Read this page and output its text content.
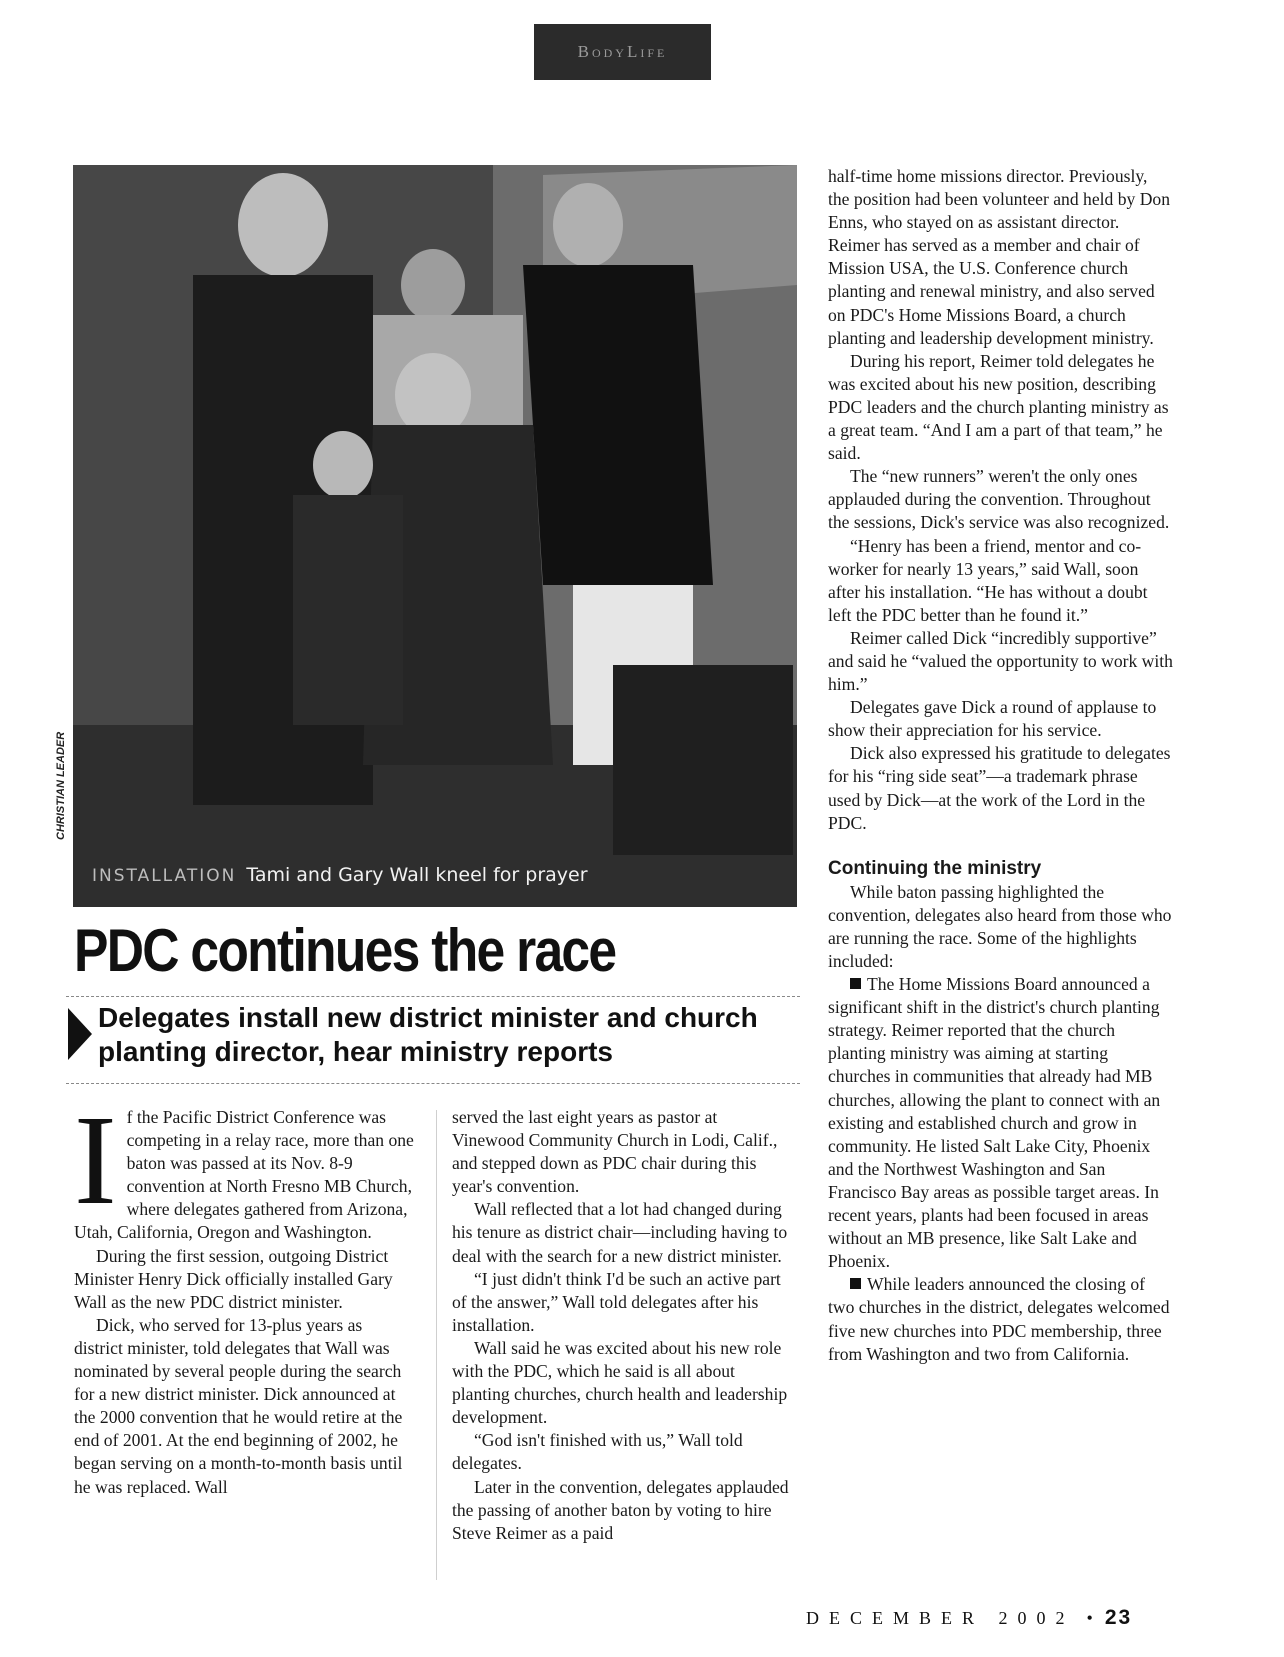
BodyLife
CHRISTIAN LEADER
INSTALLATION Tami and Gary Wall kneel for prayer
PDC continues the race
Delegates install new district minister and church planting director, hear ministry reports

If the Pacific District Conference was competing in a relay race, more than one baton was passed at its Nov. 8-9 convention at North Fresno MB Church, where delegates gathered from Arizona, Utah, California, Oregon and Washington.

During the first session, outgoing District Minister Henry Dick officially installed Gary Wall as the new PDC district minister.

Dick, who served for 13-plus years as district minister, told delegates that Wall was nominated by several people during the search for a new district minister. Dick announced at the 2000 convention that he would retire at the end of 2001. At the end beginning of 2002, he began serving on a month-to-month basis until he was replaced. Wall

served the last eight years as pastor at Vinewood Community Church in Lodi, Calif., and stepped down as PDC chair during this year's convention.

Wall reflected that a lot had changed during his tenure as district chair—including having to deal with the search for a new district minister.

“I just didn't think I'd be such an active part of the answer,” Wall told delegates after his installation.

Wall said he was excited about his new role with the PDC, which he said is all about planting churches, church health and leadership development.

“God isn't finished with us,” Wall told delegates.

Later in the convention, delegates applauded the passing of another baton by voting to hire Steve Reimer as a paid

half-time home missions director. Previously, the position had been volunteer and held by Don Enns, who stayed on as assistant director. Reimer has served as a member and chair of Mission USA, the U.S. Conference church planting and renewal ministry, and also served on PDC's Home Missions Board, a church planting and leadership development ministry.

During his report, Reimer told delegates he was excited about his new position, describing PDC leaders and the church planting ministry as a great team. “And I am a part of that team,” he said.

The “new runners” weren't the only ones applauded during the convention. Throughout the sessions, Dick's service was also recognized.

“Henry has been a friend, mentor and co-worker for nearly 13 years,” said Wall, soon after his installation. “He has without a doubt left the PDC better than he found it.”

Reimer called Dick “incredibly supportive” and said he “valued the opportunity to work with him.”

Delegates gave Dick a round of applause to show their appreciation for his service.

Dick also expressed his gratitude to delegates for his “ring side seat”—a trademark phrase used by Dick—at the work of the Lord in the PDC.

Continuing the ministry

While baton passing highlighted the convention, delegates also heard from those who are running the race. Some of the highlights included:

The Home Missions Board announced a significant shift in the district's church planting strategy. Reimer reported that the church planting ministry was aiming at starting churches in communities that already had MB churches, allowing the plant to connect with an existing and established church and grow in community. He listed Salt Lake City, Phoenix and the Northwest Washington and San Francisco Bay areas as possible target areas. In recent years, plants had been focused in areas without an MB presence, like Salt Lake and Phoenix.

While leaders announced the closing of two churches in the district, delegates welcomed five new churches into PDC membership, three from Washington and two from California.

DECEMBER 2002 • 23
